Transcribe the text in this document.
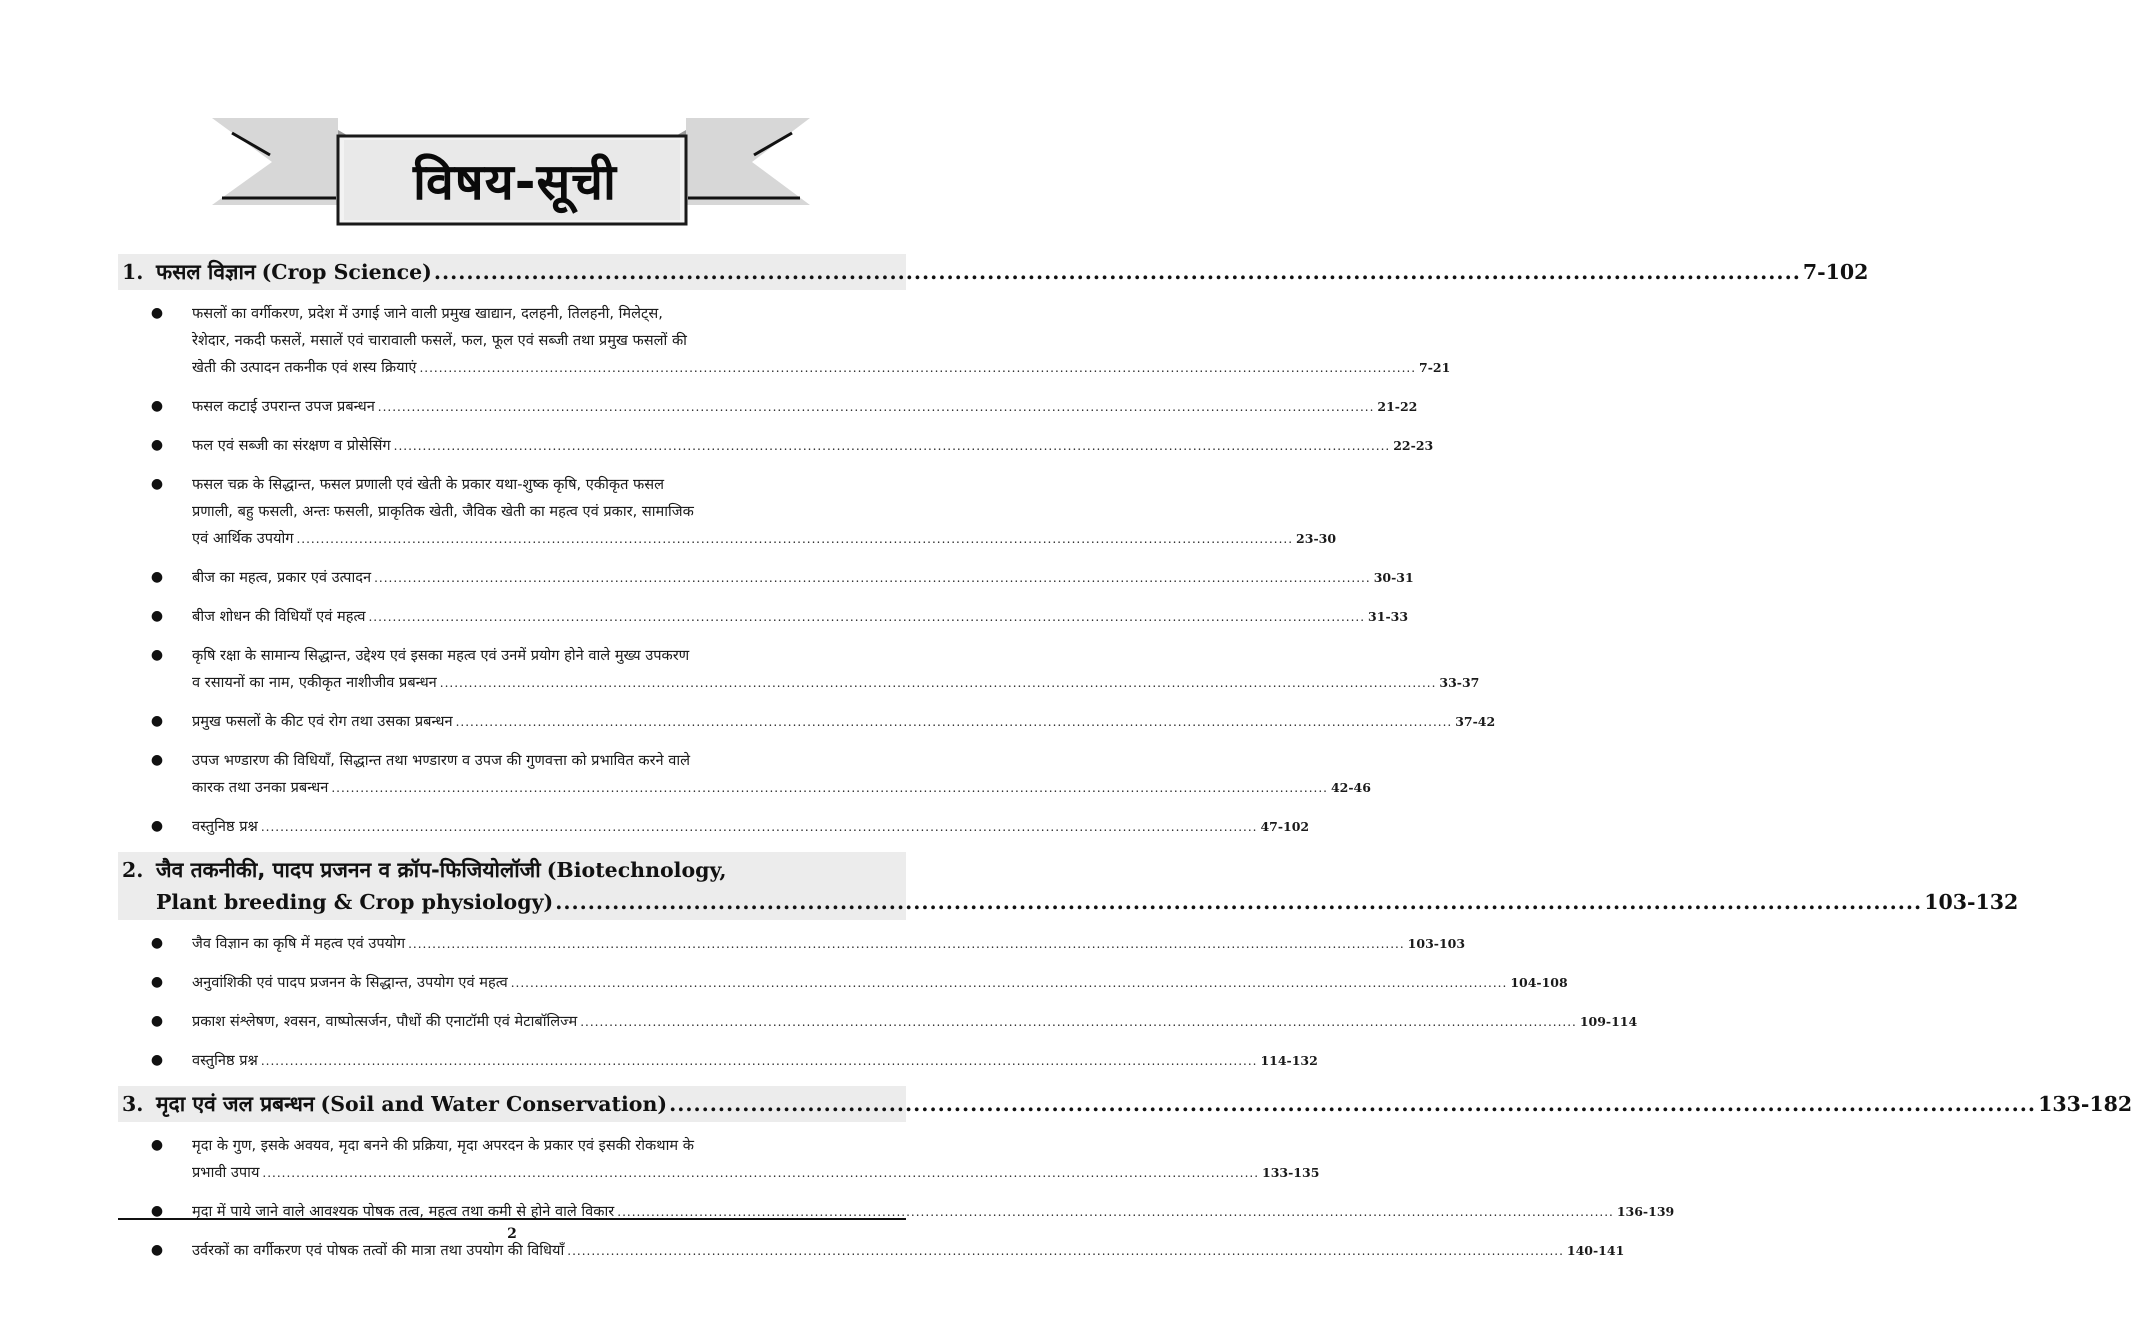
विषय-सूची
1. फसल विज्ञान (Crop Science) .....	7-102
●	फसलों का वर्गीकरण, प्रदेश में उगाई जाने वाली प्रमुख खाद्यान, दलहनी, तिलहनी, मिलेट्स,
रेशेदार, नकदी फसलें, मसालें एवं चारावाली फसलें, फल, फूल एवं सब्जी तथा प्रमुख फसलों की
खेती की उत्पादन तकनीक एवं शस्य क्रियाएं .....	7-21
●	फसल कटाई उपरान्त उपज प्रबन्धन .....	21-22
●	फल एवं सब्जी का संरक्षण व प्रोसेसिंग .....	22-23
●	फसल चक्र के सिद्धान्त, फसल प्रणाली एवं खेती के प्रकार यथा-शुष्क कृषि, एकीकृत फसल
प्रणाली, बहु फसली, अन्तः फसली, प्राकृतिक खेती, जैविक खेती का महत्व एवं प्रकार, सामाजिक
एवं आर्थिक उपयोग .....	23-30
●	बीज का महत्व, प्रकार एवं उत्पादन .....	30-31
●	बीज शोधन की विधियाँ एवं महत्व .....	31-33
●	कृषि रक्षा के सामान्य सिद्धान्त, उद्देश्य एवं इसका महत्व एवं उनमें प्रयोग होने वाले मुख्य उपकरण
व रसायनों का नाम, एकीकृत नाशीजीव प्रबन्धन .....	33-37
●	प्रमुख फसलों के कीट एवं रोग तथा उसका प्रबन्धन .....	37-42
●	उपज भण्डारण की विधियाँ, सिद्धान्त तथा भण्डारण व उपज की गुणवत्ता को प्रभावित करने वाले
कारक तथा उनका प्रबन्धन .....	42-46
●	वस्तुनिष्ठ प्रश्न .....	47-102
2. जैव तकनीकी, पादप प्रजनन व क्रॉप-फिजियोलॉजी (Biotechnology,
Plant breeding & Crop physiology) .....	103-132
●	जैव विज्ञान का कृषि में महत्व एवं उपयोग .....	103-103
●	अनुवांशिकी एवं पादप प्रजनन के सिद्धान्त, उपयोग एवं महत्व .....	104-108
●	प्रकाश संश्लेषण, श्वसन, वाष्पोत्सर्जन, पौधों की एनाटॉमी एवं मेटाबॉलिज्म .....	109-114
●	वस्तुनिष्ठ प्रश्न .....	114-132
3. मृदा एवं जल प्रबन्धन (Soil and Water Conservation) .....	133-182
●	मृदा के गुण, इसके अवयव, मृदा बनने की प्रक्रिया, मृदा अपरदन के प्रकार एवं इसकी रोकथाम के
प्रभावी उपाय .....	133-135
●	मृदा में पाये जाने वाले आवश्यक पोषक तत्व, महत्व तथा कमी से होने वाले विकार .....	136-139
●	उर्वरकों का वर्गीकरण एवं पोषक तत्वों की मात्रा तथा उपयोग की विधियाँ .....	140-141
2
